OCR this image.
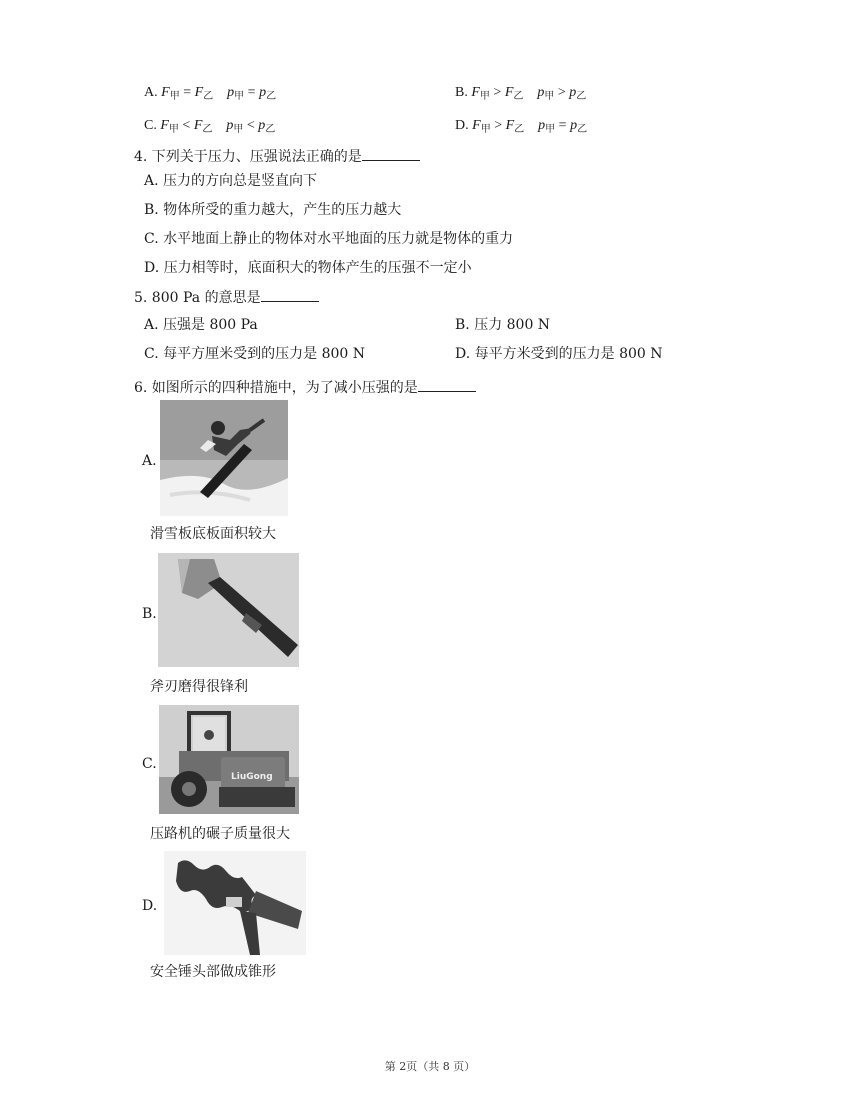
A. $F_甲 = F_乙$ $p_甲 = p_乙$	B. $F_甲 > F_乙$ $p_甲 > p_乙$
C. $F_甲 < F_乙$ $p_甲 < p_乙$	D. $F_甲 > F_乙$ $p_甲 = p_乙$
4. 下列关于压力、压强说法正确的是
A. 压力的方向总是竖直向下
B. 物体所受的重力越大，产生的压力越大
C. 水平地面上静止的物体对水平地面的压力就是物体的重力
D. 压力相等时，底面积大的物体产生的压强不一定小
5. 800 Pa 的意思是
A. 压强是 800 Pa	B. 压力 800 N
C. 每平方厘米受到的压力是 800 N	D. 每平方米受到的压力是 800 N
6. 如图所示的四种措施中，为了减小压强的是
A.
滑雪板底板面积较大
B.
斧刃磨得很锋利
C.
LiuGong
压路机的碾子质量很大
D.
安全锤头部做成锥形
第 2页（共 8 页）
